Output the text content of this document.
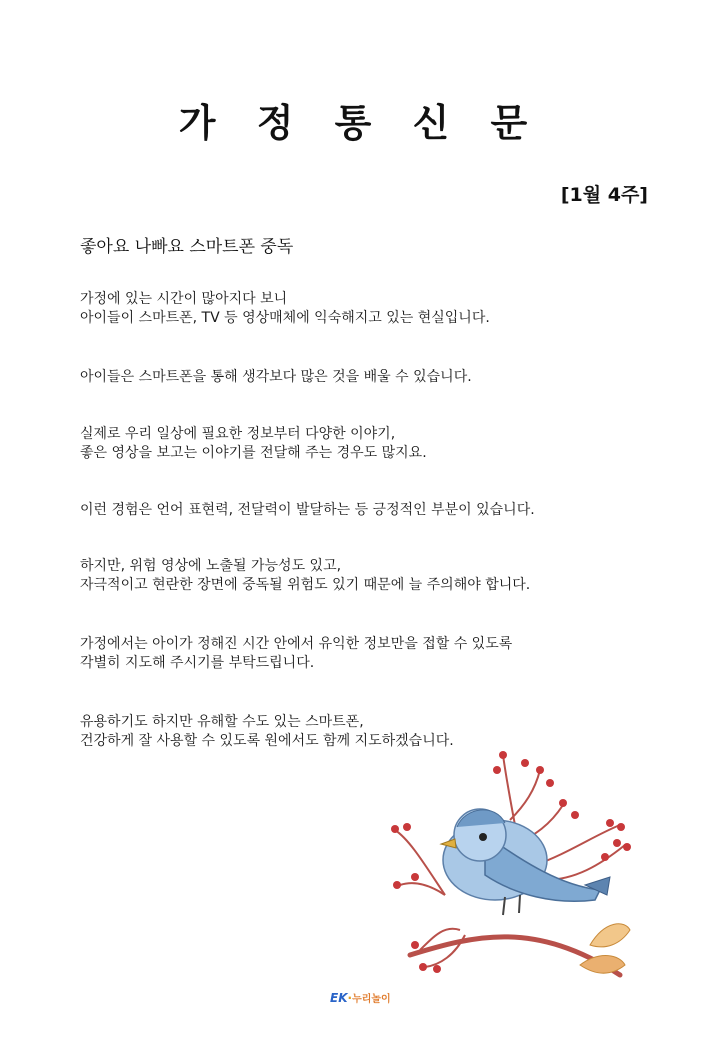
가 정 통 신 문
[1월 4주]
좋아요 나빠요 스마트폰 중독
가정에 있는 시간이 많아지다 보니
아이들이 스마트폰, TV 등 영상매체에 익숙해지고 있는 현실입니다.
아이들은 스마트폰을 통해 생각보다 많은 것을 배울 수 있습니다.
실제로 우리 일상에 필요한 정보부터 다양한 이야기,
좋은 영상을 보고는 이야기를 전달해 주는 경우도 많지요.
이런 경험은 언어 표현력, 전달력이 발달하는 등 긍정적인 부분이 있습니다.
하지만, 위험 영상에 노출될 가능성도 있고,
자극적이고 현란한 장면에 중독될 위험도 있기 때문에 늘 주의해야 합니다.
가정에서는 아이가 정해진 시간 안에서 유익한 정보만을 접할 수 있도록
각별히 지도해 주시기를 부탁드립니다.
유용하기도 하지만 유해할 수도 있는 스마트폰,
건강하게 잘 사용할 수 있도록 원에서도 함께 지도하겠습니다.
EK·누리놀이
